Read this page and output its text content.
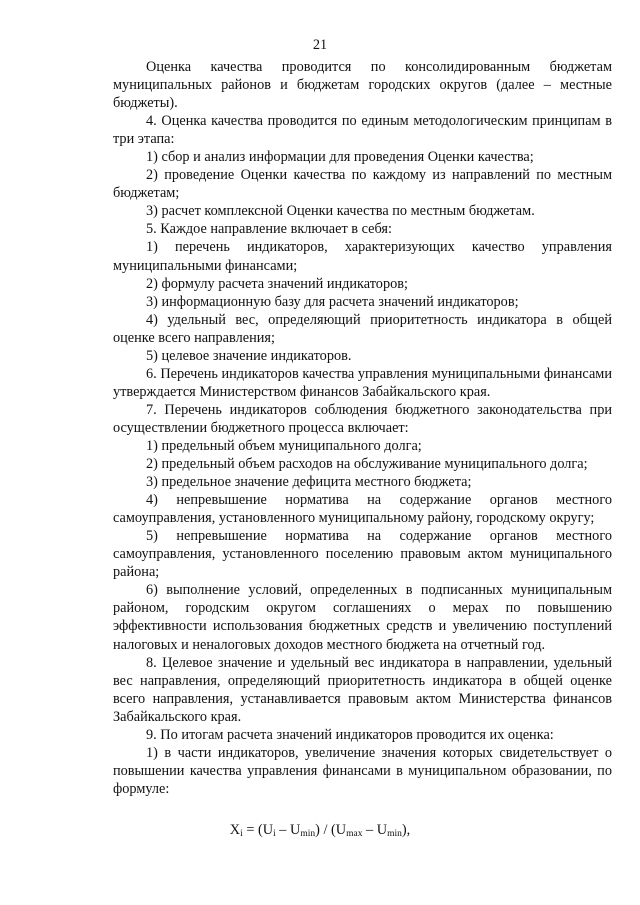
21

Оценка качества проводится по консолидированным бюджетам муниципальных районов и бюджетам городских округов (далее – местные бюджеты).

4. Оценка качества проводится по единым методологическим принципам в три этапа:

1) сбор и анализ информации для проведения Оценки качества;

2) проведение Оценки качества по каждому из направлений по местным бюджетам;

3) расчет комплексной Оценки качества по местным бюджетам.

5. Каждое направление включает в себя:

1) перечень индикаторов, характеризующих качество управления муниципальными финансами;

2) формулу расчета значений индикаторов;

3) информационную базу для расчета значений индикаторов;

4) удельный вес, определяющий приоритетность индикатора в общей оценке всего направления;

5) целевое значение индикаторов.

6. Перечень индикаторов качества управления муниципальными финансами утверждается Министерством финансов Забайкальского края.

7. Перечень индикаторов соблюдения бюджетного законодательства при осуществлении бюджетного процесса включает:

1) предельный объем муниципального долга;

2) предельный объем расходов на обслуживание муниципального долга;

3) предельное значение дефицита местного бюджета;

4) непревышение норматива на содержание органов местного самоуправления, установленного муниципальному району, городскому округу;

5) непревышение норматива на содержание органов местного самоуправления, установленного поселению правовым актом муниципального района;

6) выполнение условий, определенных в подписанных муниципальным районом, городским округом соглашениях о мерах по повышению эффективности использования бюджетных средств и увеличению поступлений налоговых и неналоговых доходов местного бюджета на отчетный год.

8. Целевое значение и удельный вес индикатора в направлении, удельный вес направления, определяющий приоритетность индикатора в общей оценке всего направления, устанавливается правовым актом Министерства финансов Забайкальского края.

9. По итогам расчета значений индикаторов проводится их оценка:

1) в части индикаторов, увеличение значения которых свидетельствует о повышении качества управления финансами в муниципальном образовании, по формуле:

$X_i = (U_i - U_{min}) / (U_{max} - U_{min})$,
